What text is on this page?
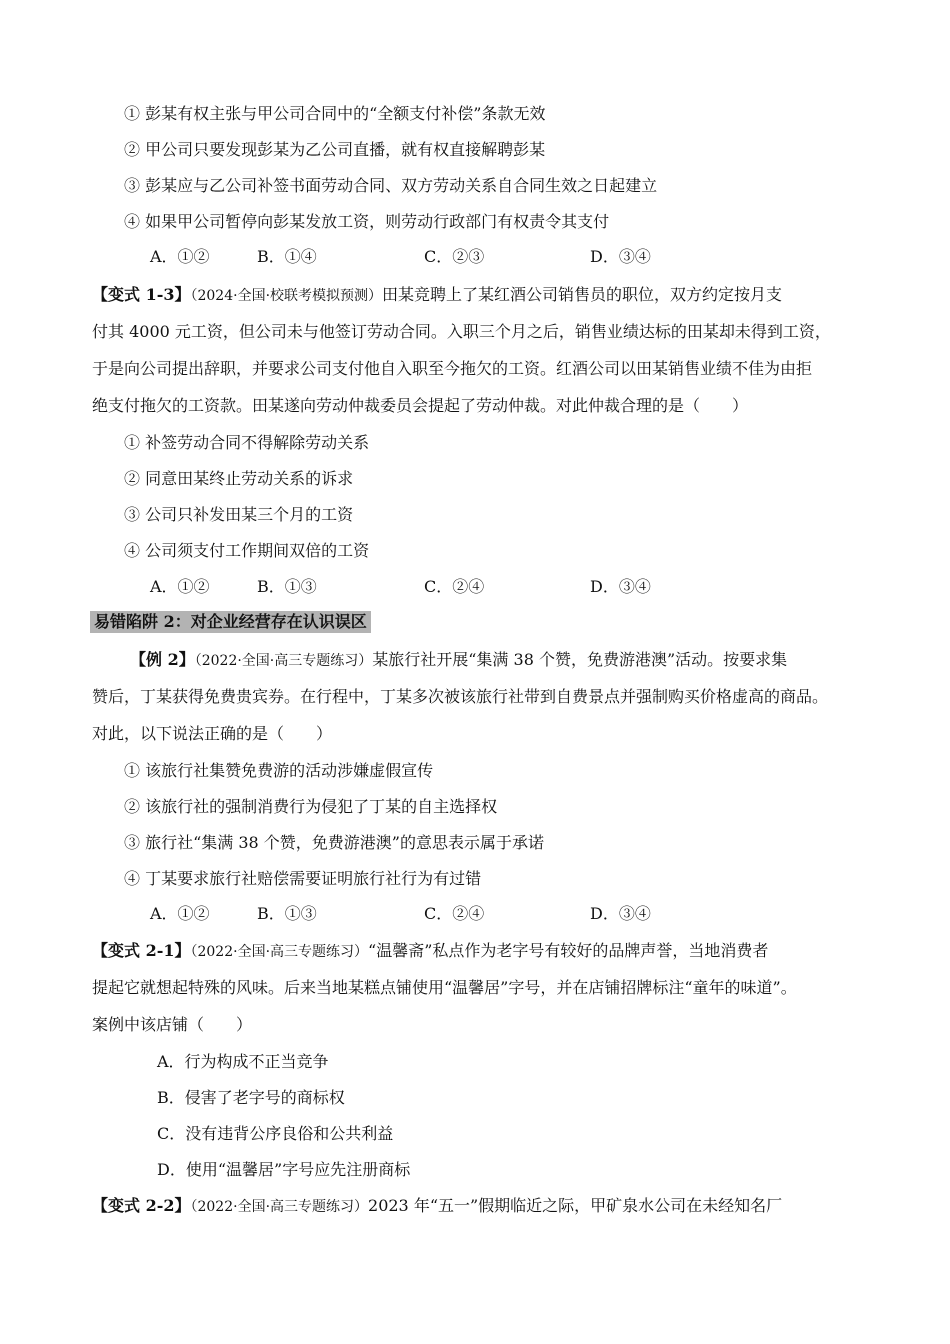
① 彭某有权主张与甲公司合同中的“全额支付补偿”条款无效
② 甲公司只要发现彭某为乙公司直播，就有权直接解聘彭某
③ 彭某应与乙公司补签书面劳动合同、双方劳动关系自合同生效之日起建立
④ 如果甲公司暂停向彭某发放工资，则劳动行政部门有权责令其支付
A．①②	B．①④	C．②③	D．③④
【变式 1-3】（2024·全国·校联考模拟预测）田某竞聘上了某红酒公司销售员的职位，双方约定按月支
付其 4000 元工资，但公司未与他签订劳动合同。入职三个月之后，销售业绩达标的田某却未得到工资，
于是向公司提出辞职，并要求公司支付他自入职至今拖欠的工资。红酒公司以田某销售业绩不佳为由拒
绝支付拖欠的工资款。田某遂向劳动仲裁委员会提起了劳动仲裁。对此仲裁合理的是（　　）
① 补签劳动合同不得解除劳动关系
② 同意田某终止劳动关系的诉求
③ 公司只补发田某三个月的工资
④ 公司须支付工作期间双倍的工资
A．①②	B．①③	C．②④	D．③④
易错陷阱 2：对企业经营存在认识误区
【例 2】（2022·全国·高三专题练习）某旅行社开展“集满 38 个赞，免费游港澳”活动。按要求集
赞后，丁某获得免费贵宾券。在行程中，丁某多次被该旅行社带到自费景点并强制购买价格虚高的商品。
对此，以下说法正确的是（　　）
① 该旅行社集赞免费游的活动涉嫌虚假宣传
② 该旅行社的强制消费行为侵犯了丁某的自主选择权
③ 旅行社“集满 38 个赞，免费游港澳”的意思表示属于承诺
④ 丁某要求旅行社赔偿需要证明旅行社行为有过错
A．①②	B．①③	C．②④	D．③④
【变式 2-1】（2022·全国·高三专题练习）“温馨斋”私点作为老字号有较好的品牌声誉，当地消费者
提起它就想起特殊的风味。后来当地某糕点铺使用“温馨居”字号，并在店铺招牌标注“童年的味道”。
案例中该店铺（　　）
A．行为构成不正当竞争
B．侵害了老字号的商标权
C．没有违背公序良俗和公共利益
D．使用“温馨居”字号应先注册商标
【变式 2-2】（2022·全国·高三专题练习）2023 年“五一”假期临近之际，甲矿泉水公司在未经知名厂
